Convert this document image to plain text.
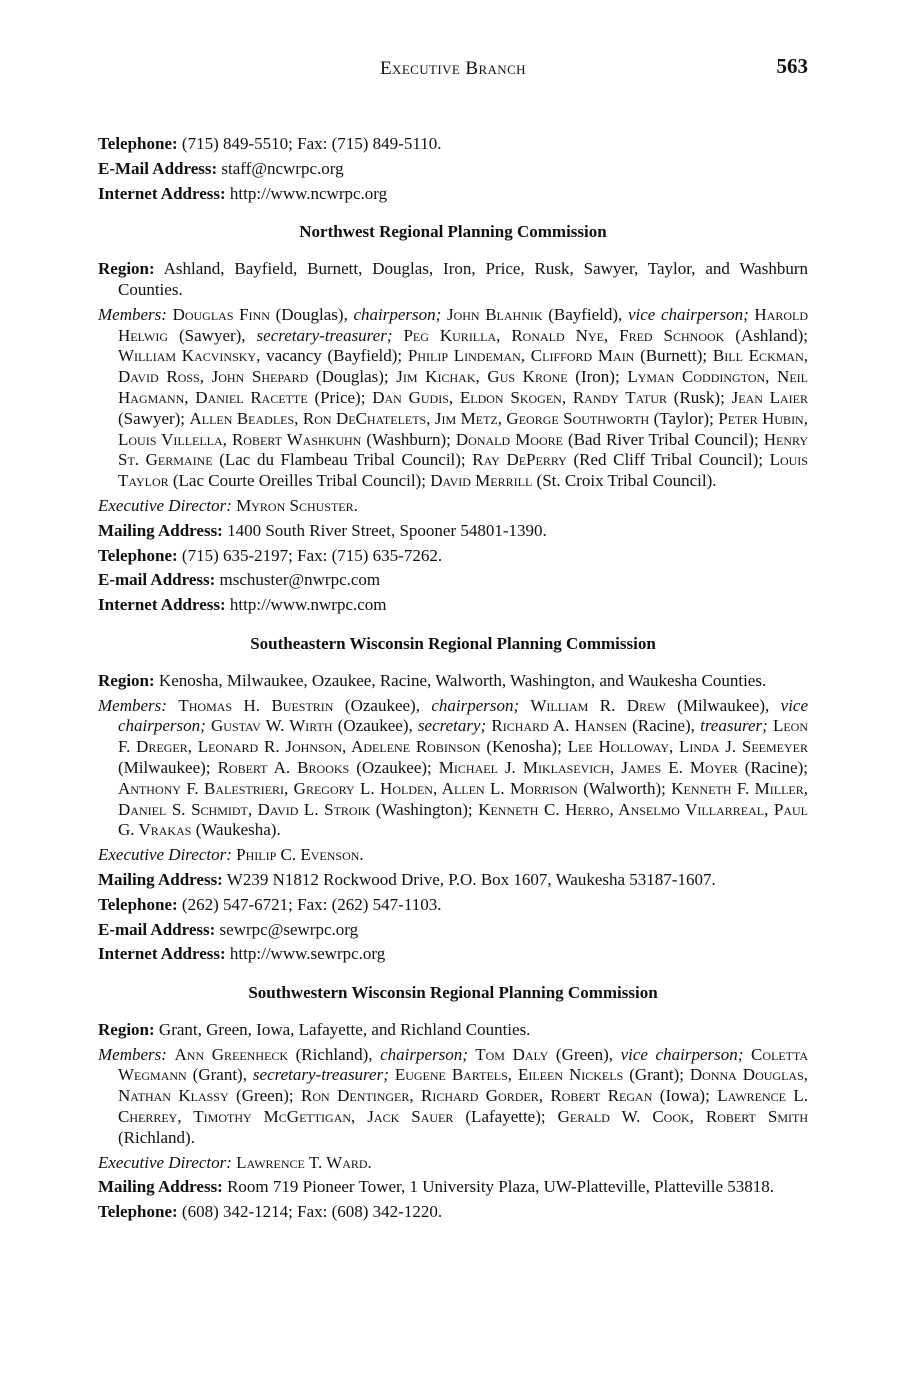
Executive Branch	563

Telephone: (715) 849-5510; Fax: (715) 849-5110.

E-Mail Address: staff@ncwrpc.org

Internet Address: http://www.ncwrpc.org

Northwest Regional Planning Commission

Region: Ashland, Bayfield, Burnett, Douglas, Iron, Price, Rusk, Sawyer, Taylor, and Washburn Counties.

Members: Douglas Finn (Douglas), chairperson; John Blahnik (Bayfield), vice chairperson; Harold Helwig (Sawyer), secretary-treasurer; Peg Kurilla, Ronald Nye, Fred Schnook (Ashland); William Kacvinsky, vacancy (Bayfield); Philip Lindeman, Clifford Main (Burnett); Bill Eckman, David Ross, John Shepard (Douglas); Jim Kichak, Gus Krone (Iron); Lyman Coddington, Neil Hagmann, Daniel Racette (Price); Dan Gudis, Eldon Skogen, Randy Tatur (Rusk); Jean Laier (Sawyer); Allen Beadles, Ron DeChatelets, Jim Metz, George Southworth (Taylor); Peter Hubin, Louis Villella, Robert Washkuhn (Washburn); Donald Moore (Bad River Tribal Council); Henry St. Germaine (Lac du Flambeau Tribal Council); Ray DePerry (Red Cliff Tribal Council); Louis Taylor (Lac Courte Oreilles Tribal Council); David Merrill (St. Croix Tribal Council).

Executive Director: Myron Schuster.

Mailing Address: 1400 South River Street, Spooner 54801-1390.

Telephone: (715) 635-2197; Fax: (715) 635-7262.

E-mail Address: mschuster@nwrpc.com

Internet Address: http://www.nwrpc.com

Southeastern Wisconsin Regional Planning Commission

Region: Kenosha, Milwaukee, Ozaukee, Racine, Walworth, Washington, and Waukesha Counties.

Members: Thomas H. Buestrin (Ozaukee), chairperson; William R. Drew (Milwaukee), vice chairperson; Gustav W. Wirth (Ozaukee), secretary; Richard A. Hansen (Racine), treasurer; Leon F. Dreger, Leonard R. Johnson, Adelene Robinson (Kenosha); Lee Holloway, Linda J. Seemeyer (Milwaukee); Robert A. Brooks (Ozaukee); Michael J. Miklasevich, James E. Moyer (Racine); Anthony F. Balestrieri, Gregory L. Holden, Allen L. Morrison (Walworth); Kenneth F. Miller, Daniel S. Schmidt, David L. Stroik (Washington); Kenneth C. Herro, Anselmo Villarreal, Paul G. Vrakas (Waukesha).

Executive Director: Philip C. Evenson.

Mailing Address: W239 N1812 Rockwood Drive, P.O. Box 1607, Waukesha 53187-1607.

Telephone: (262) 547-6721; Fax: (262) 547-1103.

E-mail Address: sewrpc@sewrpc.org

Internet Address: http://www.sewrpc.org

Southwestern Wisconsin Regional Planning Commission

Region: Grant, Green, Iowa, Lafayette, and Richland Counties.

Members: Ann Greenheck (Richland), chairperson; Tom Daly (Green), vice chairperson; Coletta Wegmann (Grant), secretary-treasurer; Eugene Bartels, Eileen Nickels (Grant); Donna Douglas, Nathan Klassy (Green); Ron Dentinger, Richard Gorder, Robert Regan (Iowa); Lawrence L. Cherrey, Timothy McGettigan, Jack Sauer (Lafayette); Gerald W. Cook, Robert Smith (Richland).

Executive Director: Lawrence T. Ward.

Mailing Address: Room 719 Pioneer Tower, 1 University Plaza, UW-Platteville, Platteville 53818.

Telephone: (608) 342-1214; Fax: (608) 342-1220.
